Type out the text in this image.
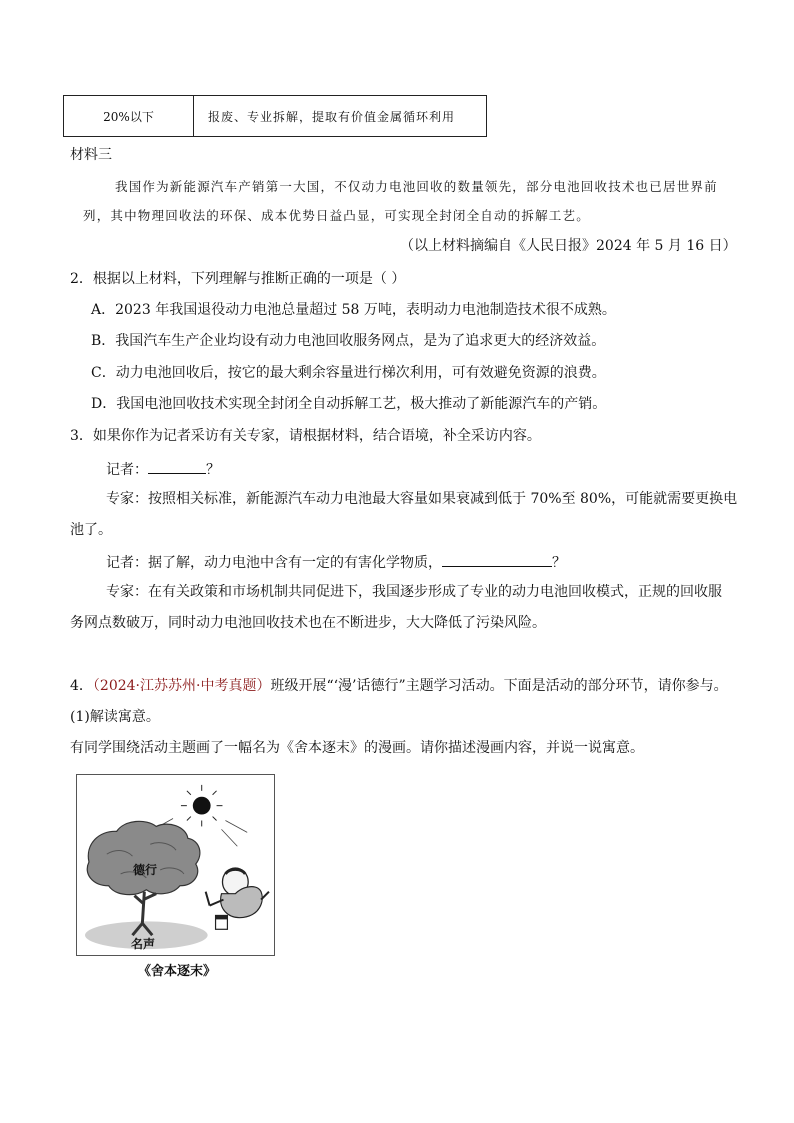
20%以下	报废、专业拆解，提取有价值金属循环利用
材料三
我国作为新能源汽车产销第一大国，不仅动力电池回收的数量领先，部分电池回收技术也已居世界前
列，其中物理回收法的环保、成本优势日益凸显，可实现全封闭全自动的拆解工艺。
（以上材料摘编自《人民日报》2024 年 5 月 16 日）
2．根据以上材料，下列理解与推断正确的一项是（ ）
A．2023 年我国退役动力电池总量超过 58 万吨，表明动力电池制造技术很不成熟。
B．我国汽车生产企业均设有动力电池回收服务网点，是为了追求更大的经济效益。
C．动力电池回收后，按它的最大剩余容量进行梯次利用，可有效避免资源的浪费。
D．我国电池回收技术实现全封闭全自动拆解工艺，极大推动了新能源汽车的产销。
3．如果你作为记者采访有关专家，请根据材料，结合语境，补全采访内容。
记者：	？
专家：按照相关标准，新能源汽车动力电池最大容量如果衰减到低于 70%至 80%，可能就需要更换电
池了。
记者：据了解，动力电池中含有一定的有害化学物质，	？
专家：在有关政策和市场机制共同促进下，我国逐步形成了专业的动力电池回收模式，正规的回收服
务网点数破万，同时动力电池回收技术也在不断进步，大大降低了污染风险。
4．（2024·江苏苏州·中考真题）班级开展“‘漫’话德行”主题学习活动。下面是活动的部分环节，请你参与。
(1)解读寓意。
有同学围绕活动主题画了一幅名为《舍本逐末》的漫画。请你描述漫画内容，并说一说寓意。
德行
名声
《舍本逐末》
